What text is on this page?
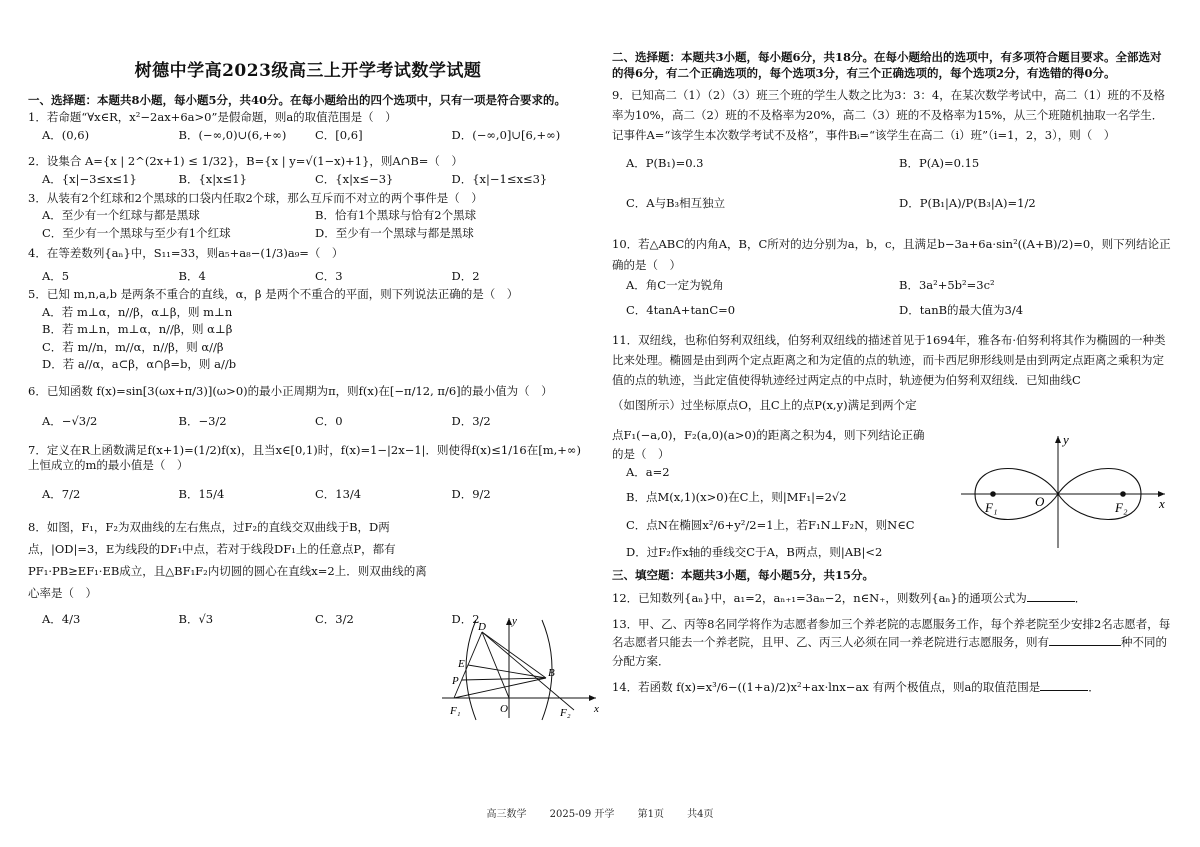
树德中学高2023级高三上开学考试数学试题
一、选择题：本题共8小题，每小题5分，共40分。在每小题给出的四个选项中，只有一项是符合要求的。
1．若命题“∀x∈R，x²−2ax+6a>0”是假命题，则a的取值范围是（　）
A．(0,6)	B．(−∞,0)∪(6,+∞)	C．[0,6]	D．(−∞,0]∪[6,+∞)
2．设集合 A={x | 2^(2x+1) ≤ 1/32}，B={x | y=√(1−x)+1}，则A∩B=（　）
A．{x|−3≤x≤1}	B．{x|x≤1}	C．{x|x≤−3}	D．{x|−1≤x≤3}
3．从装有2个红球和2个黑球的口袋内任取2个球，那么互斥而不对立的两个事件是（　）
A．至少有一个红球与都是黑球	B．恰有1个黑球与恰有2个黑球
C．至少有一个黑球与至少有1个红球	D．至少有一个黑球与都是黑球
4．在等差数列{aₙ}中，S₁₁=33，则a₅+a₈−(1/3)a₉=（　）
A．5	B．4	C．3	D．2
5．已知 m,n,a,b 是两条不重合的直线，α，β 是两个不重合的平面，则下列说法正确的是（　）
A．若 m⊥α，n//β，α⊥β，则 m⊥n
B．若 m⊥n，m⊥α，n//β，则 α⊥β
C．若 m//n，m//α，n//β，则 α//β
D．若 a//α，a⊂β，α∩β=b，则 a//b
6．已知函数 f(x)=sin[3(ωx+π/3)](ω>0)的最小正周期为π，则f(x)在[−π/12, π/6]的最小值为（　）
A．−√3/2	B．−3/2	C．0	D．3/2
7．定义在R上函数满足f(x+1)=(1/2)f(x)，且当x∈[0,1)时，f(x)=1−|2x−1|．则使得f(x)≤1/16在[m,+∞)上恒成立的m的最小值是（　）
A．7/2	B．15/4	C．13/4	D．9/2
8．如图，F₁，F₂为双曲线的左右焦点，过F₂的直线交双曲线于B，D两点，|OD|=3，E为线段的DF₁中点，若对于线段DF₁上的任意点P，都有PF₁·PB≥EF₁·EB成立，且△BF₁F₂内切圆的圆心在直线x=2上．则双曲线的离心率是（　）
A．4/3	B．√3	C．3/2	D．2	y
x
D
E
P
B
O
F₁	F₂
二、选择题：本题共3小题，每小题6分，共18分。在每小题给出的选项中，有多项符合题目要求。全部选对的得6分，有二个正确选项的，每个选项3分，有三个正确选项的，每个选项2分，有选错的得0分。
9．已知高二（1）（2）（3）班三个班的学生人数之比为3：3：4，在某次数学考试中，高二（1）班的不及格率为10%，高二（2）班的不及格率为20%，高二（3）班的不及格率为15%，从三个班随机抽取一名学生．记事件A=“该学生本次数学考试不及格”，事件Bᵢ=“该学生在高二（i）班”（i=1，2，3），则（　）
A．P(B₁)=0.3	B．P(A)=0.15
C．A与B₃相互独立	D．P(B₁|A)/P(B₃|A)=1/2
10．若△ABC的内角A，B，C所对的边分别为a，b，c，且满足b−3a+6a·sin²((A+B)/2)=0，则下列结论正确的是（　）
A．角C一定为锐角	B．3a²+5b²=3c²
C．4tanA+tanC=0	D．tanB的最大值为3/4
11．双纽线，也称伯努利双纽线，伯努利双纽线的描述首见于1694年，雅各布·伯努利将其作为椭圆的一种类比来处理。椭圆是由到两个定点距离之和为定值的点的轨迹，而卡西尼卵形线则是由到两定点距离之乘积为定值的点的轨迹，当此定值使得轨迹经过两定点的中点时，轨迹便为伯努利双纽线．已知曲线C
（如图所示）过坐标原点O，且C上的点P(x,y)满足到两个定
点F₁(−a,0)，F₂(a,0)(a>0)的距离之积为4，则下列结论正确
的是（　）
A．a=2
B．点M(x,1)(x>0)在C上，则|MF₁|=2√2
C．点N在椭圆x²/6+y²/2=1上，若F₁N⊥F₂N，则N∈C
D．过F₂作x轴的垂线交C于A，B两点，则|AB|<2
三、填空题：本题共3小题，每小题5分，共15分。
12．已知数列{aₙ}中，a₁=2，aₙ₊₁=3aₙ−2，n∈N₊，则数列{aₙ}的通项公式为	．
13．甲、乙、丙等8名同学将作为志愿者参加三个养老院的志愿服务工作，每个养老院至少安排2名志愿者，每名志愿者只能去一个养老院，且甲、乙、丙三人必须在同一养老院进行志愿服务，则有	种不同的分配方案．
14．若函数 f(x)=x³/6−((1+a)/2)x²+ax·lnx−ax 有两个极值点，则a的取值范围是	．
y
x
O
F₁	F₂
高三数学 2025-09 开学 第1页 共4页
